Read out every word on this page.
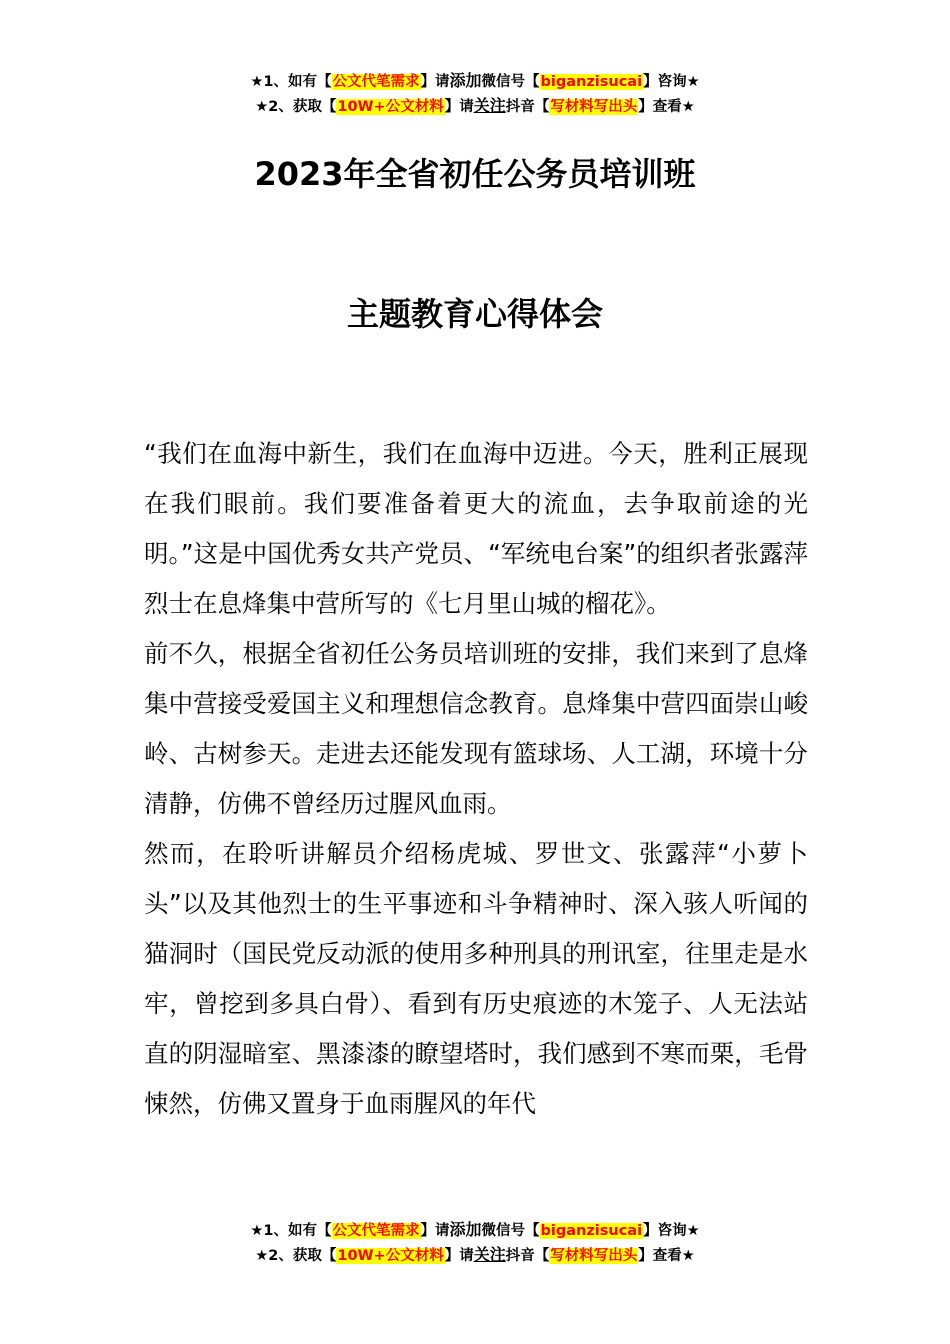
★1、如有【公文代笔需求】请添加微信号【biganzisucai】咨询★
★2、获取【10W+公文材料】请关注抖音【写材料写出头】查看★
2023年全省初任公务员培训班
主题教育心得体会

“我们在血海中新生，我们在血海中迈进。今天，胜利正展现在我们眼前。我们要准备着更大的流血，去争取前途的光明。”这是中国优秀女共产党员、“军统电台案”的组织者张露萍烈士在息烽集中营所写的《七月里山城的榴花》。

前不久，根据全省初任公务员培训班的安排，我们来到了息烽集中营接受爱国主义和理想信念教育。息烽集中营四面崇山峻岭、古树参天。走进去还能发现有篮球场、人工湖，环境十分清静，仿佛不曾经历过腥风血雨。

然而，在聆听讲解员介绍杨虎城、罗世文、张露萍“小萝卜头”以及其他烈士的生平事迹和斗争精神时、深入骇人听闻的猫洞时（国民党反动派的使用多种刑具的刑讯室，往里走是水牢，曾挖到多具白骨）、看到有历史痕迹的木笼子、人无法站直的阴湿暗室、黑漆漆的瞭望塔时，我们感到不寒而栗，毛骨悚然，仿佛又置身于血雨腥风的年代

★1、如有【公文代笔需求】请添加微信号【biganzisucai】咨询★
★2、获取【10W+公文材料】请关注抖音【写材料写出头】查看★
